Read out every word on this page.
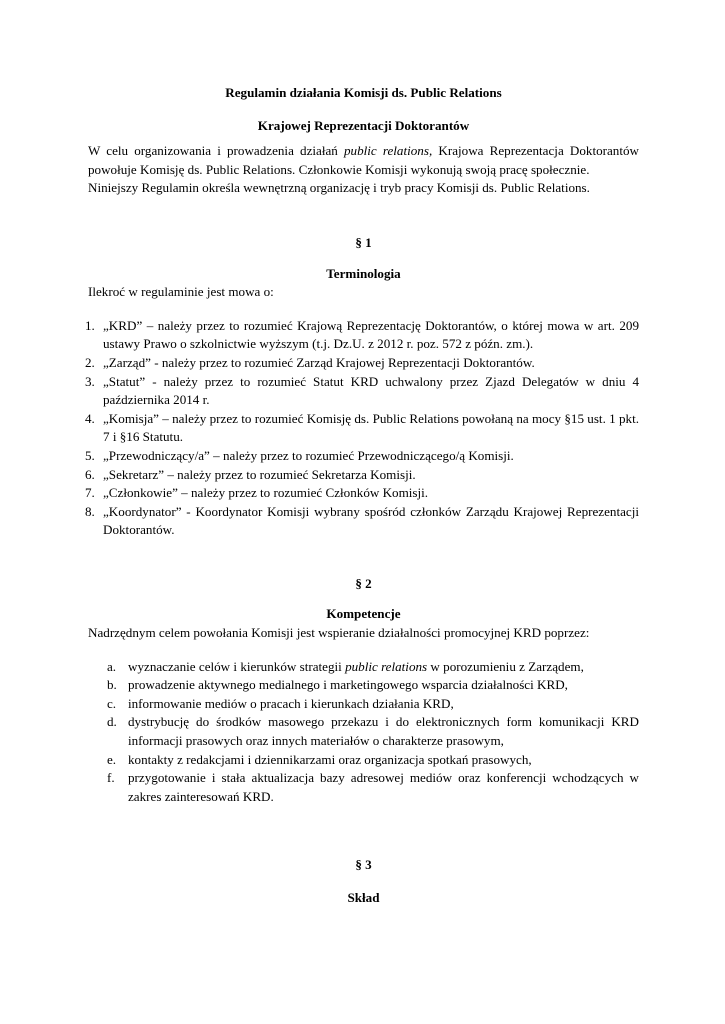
Regulamin działania Komisji ds. Public Relations

Krajowej Reprezentacji Doktorantów

W celu organizowania i prowadzenia działań public relations, Krajowa Reprezentacja Doktorantów powołuje Komisję ds. Public Relations. Członkowie Komisji wykonują swoją pracę społecznie.

Niniejszy Regulamin określa wewnętrzną organizację i tryb pracy Komisji ds. Public Relations.

§ 1

Terminologia

Ilekroć w regulaminie jest mowa o:

1. „KRD” – należy przez to rozumieć Krajową Reprezentację Doktorantów, o której mowa w art. 209 ustawy Prawo o szkolnictwie wyższym (t.j. Dz.U. z 2012 r. poz. 572 z późn. zm.).
2. „Zarząd” - należy przez to rozumieć Zarząd Krajowej Reprezentacji Doktorantów.
3. „Statut” - należy przez to rozumieć Statut KRD uchwalony przez Zjazd Delegatów w dniu 4 października 2014 r.
4. „Komisja” – należy przez to rozumieć Komisję ds. Public Relations powołaną na mocy §15 ust. 1 pkt. 7 i §16 Statutu.
5. „Przewodniczący/a” – należy przez to rozumieć Przewodniczącego/ą Komisji.
6. „Sekretarz” – należy przez to rozumieć Sekretarza Komisji.
7. „Członkowie” – należy przez to rozumieć Członków Komisji.
8. „Koordynator” - Koordynator Komisji wybrany spośród członków Zarządu Krajowej Reprezentacji Doktorantów.

§ 2

Kompetencje

Nadrzędnym celem powołania Komisji jest wspieranie działalności promocyjnej KRD poprzez:

a. wyznaczanie celów i kierunków strategii public relations w porozumieniu z Zarządem,
b. prowadzenie aktywnego medialnego i marketingowego wsparcia działalności KRD,
c. informowanie mediów o pracach i kierunkach działania KRD,
d. dystrybucję do środków masowego przekazu i do elektronicznych form komunikacji KRD informacji prasowych oraz innych materiałów o charakterze prasowym,
e. kontakty z redakcjami i dziennikarzami oraz organizacja spotkań prasowych,
f. przygotowanie i stała aktualizacja bazy adresowej mediów oraz konferencji wchodzących w zakres zainteresowań KRD.

§ 3

Skład
